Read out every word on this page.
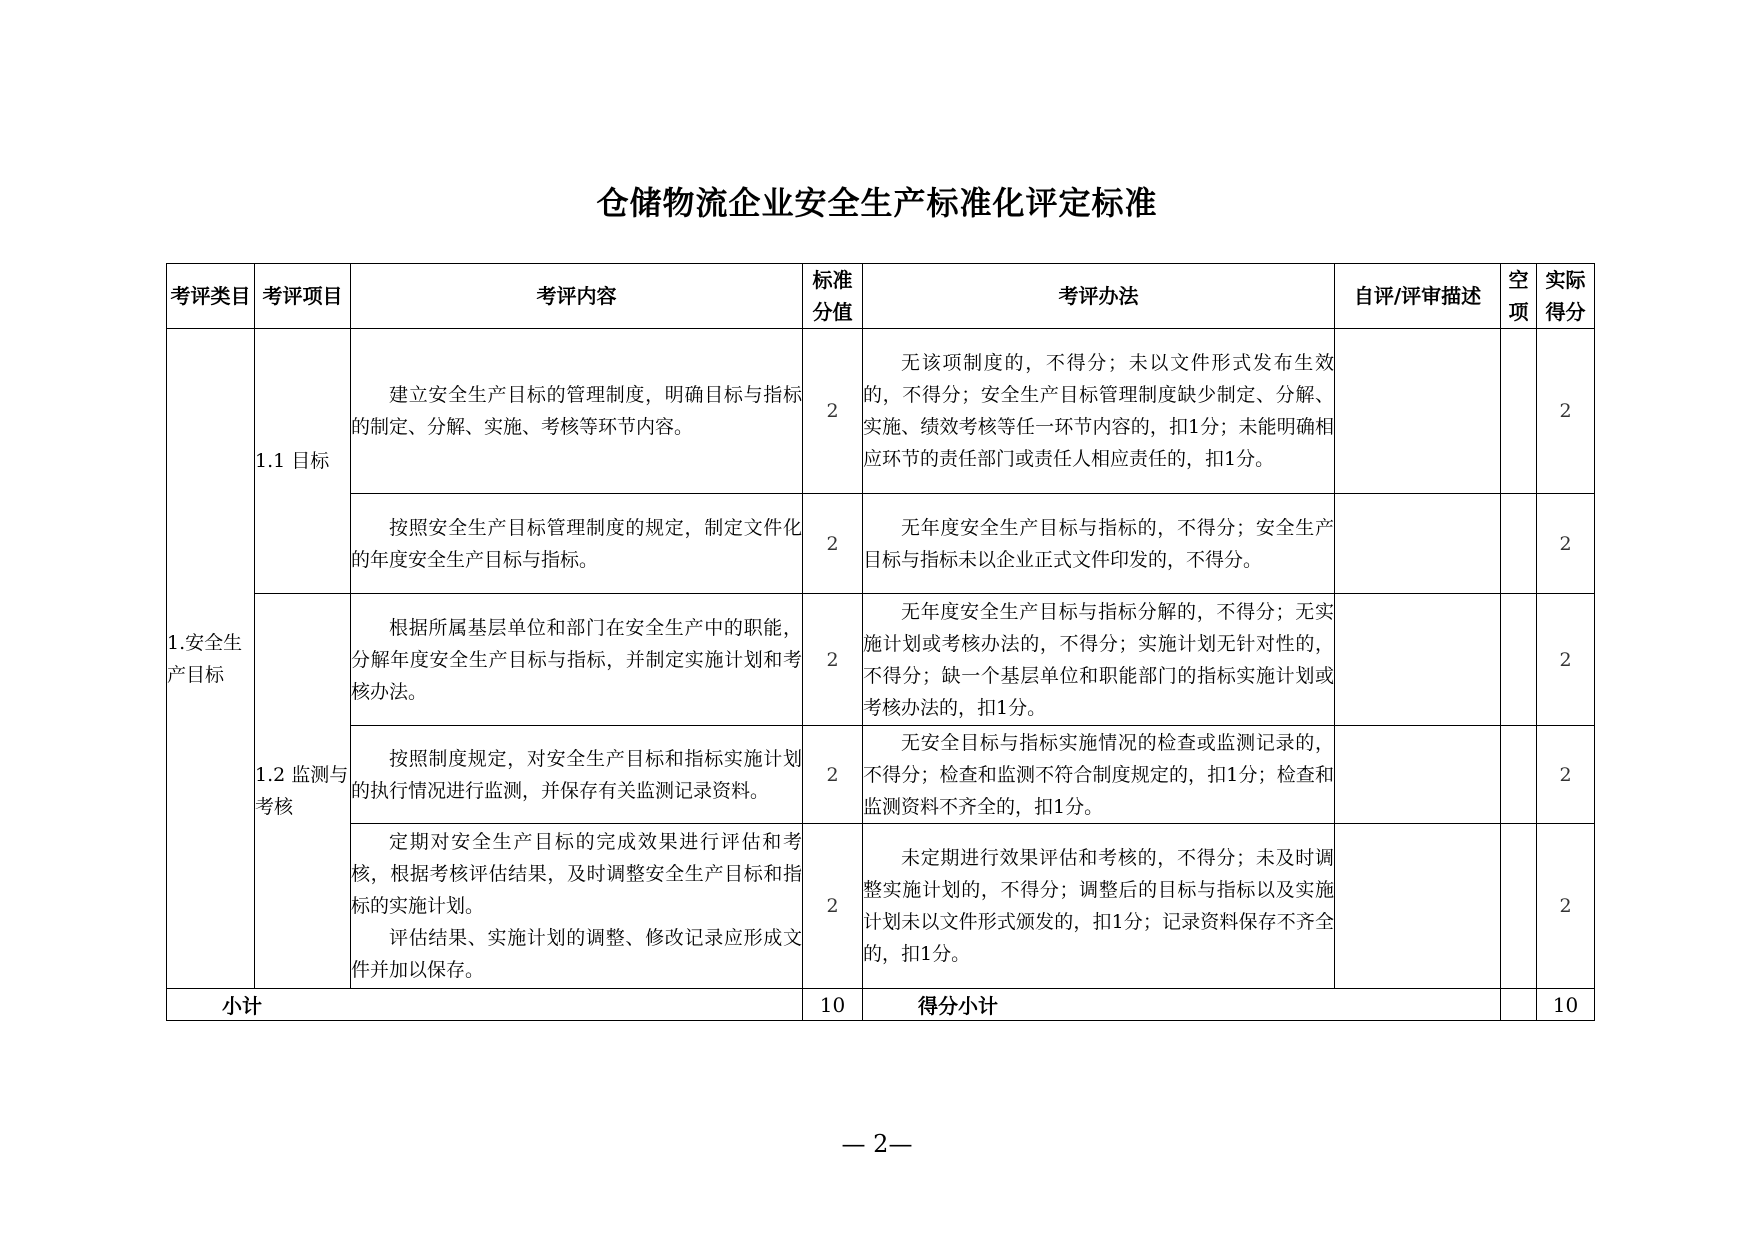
仓储物流企业安全生产标准化评定标准
考评类目	考评项目	考评内容	标准分值	考评办法	自评/评审描述	空项	实际得分
1.安全生产目标	1.1 目标	建立安全生产目标的管理制度，明确目标与指标的制定、分解、实施、考核等环节内容。	2	无该项制度的，不得分；未以文件形式发布生效的，不得分；安全生产目标管理制度缺少制定、分解、实施、绩效考核等任一环节内容的，扣1分；未能明确相应环节的责任部门或责任人相应责任的，扣1分。			2

		按照安全生产目标管理制度的规定，制定文件化的年度安全生产目标与指标。	2	无年度安全生产目标与指标的，不得分；安全生产目标与指标未以企业正式文件印发的，不得分。			2
	1.2 监测与考核	根据所属基层单位和部门在安全生产中的职能，分解年度安全生产目标与指标，并制定实施计划和考核办法。	2	无年度安全生产目标与指标分解的，不得分；无实施计划或考核办法的，不得分；实施计划无针对性的，不得分；缺一个基层单位和职能部门的指标实施计划或考核办法的，扣1分。			2

		按照制度规定，对安全生产目标和指标实施计划的执行情况进行监测，并保存有关监测记录资料。	2	无安全目标与指标实施情况的检查或监测记录的，不得分；检查和监测不符合制度规定的，扣1分；检查和监测资料不齐全的，扣1分。			2

		定期对安全生产目标的完成效果进行评估和考核，根据考核评估结果，及时调整安全生产目标和指标的实施计划。

评估结果、实施计划的调整、修改记录应形成文件并加以保存。	2	未定期进行效果评估和考核的，不得分；未及时调整实施计划的，不得分；调整后的目标与指标以及实施计划未以文件形式颁发的，扣1分；记录资料保存不齐全的，扣1分。			2
小计			10	得分小计			10
— 2—
